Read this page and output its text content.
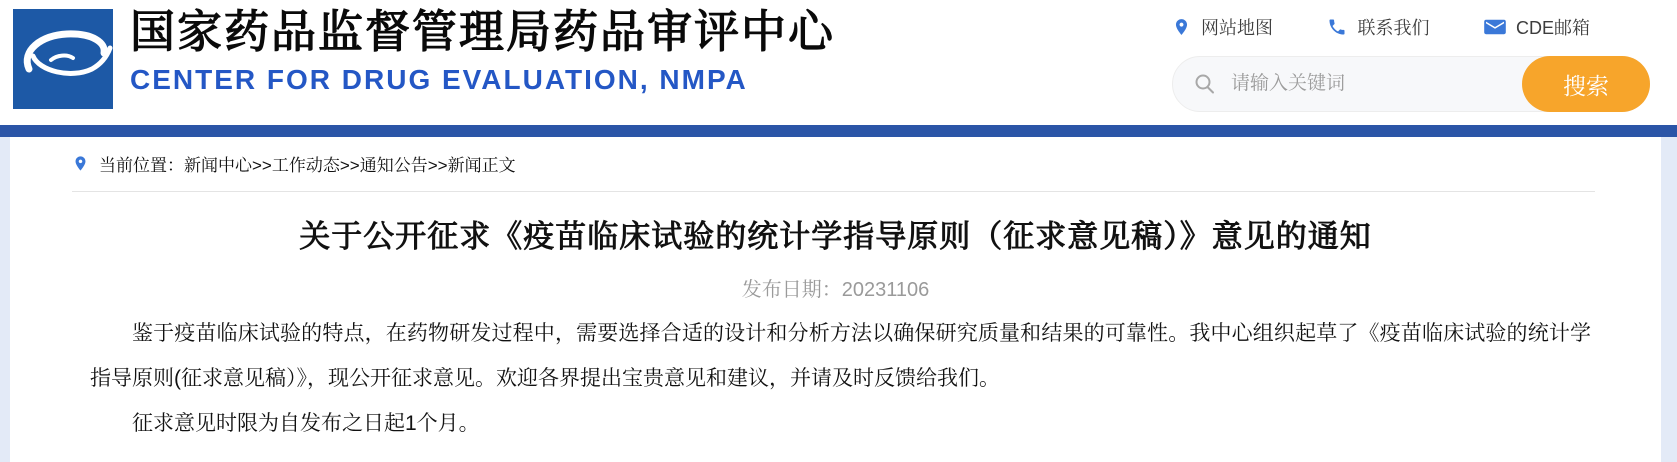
国家药品监督管理局药品审评中心
CENTER FOR DRUG EVALUATION, NMPA
网站地图	联系我们	CDE邮箱
请输入关键词
搜索
当前位置：新闻中心>>工作动态>>通知公告>>新闻正文
关于公开征求《疫苗临床试验的统计学指导原则（征求意见稿）》意见的通知
发布日期：20231106

鉴于疫苗临床试验的特点，在药物研发过程中，需要选择合适的设计和分析方法以确保研究质量和结果的可靠性。我中心组织起草了《疫苗临床试验的统计学指导原则(征求意见稿）》，现公开征求意见。欢迎各界提出宝贵意见和建议，并请及时反馈给我们。

征求意见时限为自发布之日起1个月。
